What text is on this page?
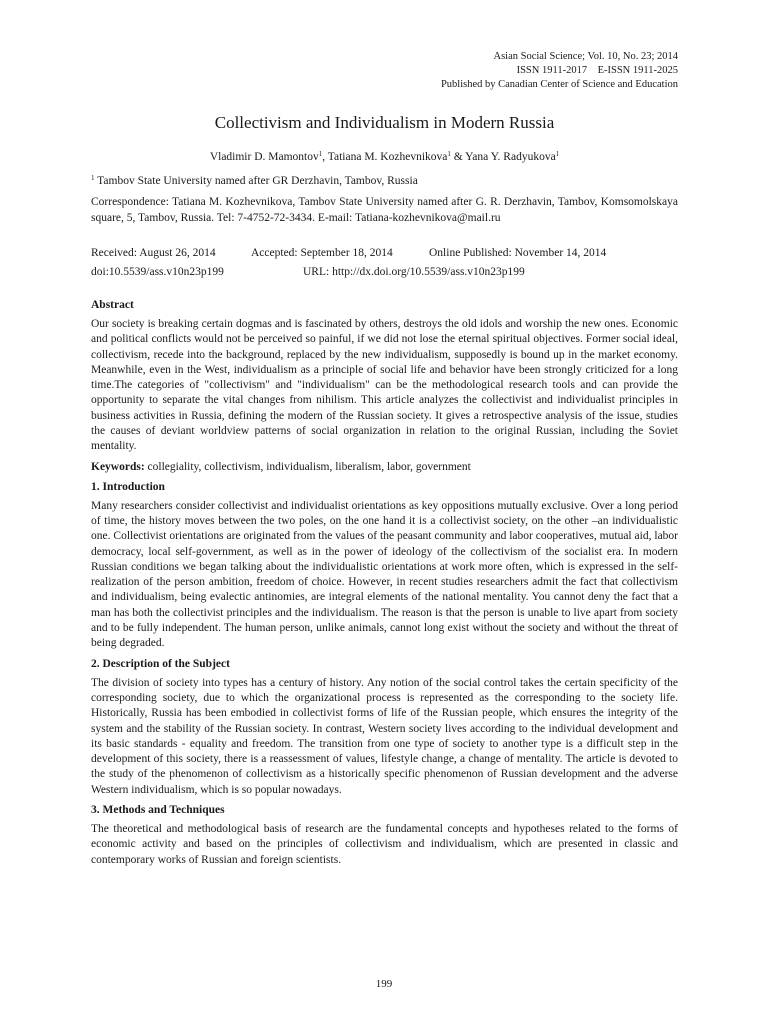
Asian Social Science; Vol. 10, No. 23; 2014
ISSN 1911-2017    E-ISSN 1911-2025
Published by Canadian Center of Science and Education
Collectivism and Individualism in Modern Russia
Vladimir D. Mamontov$^1$, Tatiana M. Kozhevnikova$^1$ & Yana Y. Radyukova$^1$
$^1$ Tambov State University named after GR Derzhavin, Tambov, Russia
Correspondence: Tatiana M. Kozhevnikova, Tambov State University named after G. R. Derzhavin, Tambov, Komsomolskaya square, 5, Tambov, Russia. Tel: 7-4752-72-3434. E-mail: Tatiana-kozhevnikova@mail.ru
Received: August 26, 2014	Accepted: September 18, 2014	Online Published: November 14, 2014
doi:10.5539/ass.v10n23p199	URL: http://dx.doi.org/10.5539/ass.v10n23p199
Abstract

Our society is breaking certain dogmas and is fascinated by others, destroys the old idols and worship the new ones. Economic and political conflicts would not be perceived so painful, if we did not lose the eternal spiritual objectives. Former social ideal, collectivism, recede into the background, replaced by the new individualism, supposedly is bound up in the market economy. Meanwhile, even in the West, individualism as a principle of social life and behavior have been strongly criticized for a long time.The categories of "collectivism" and "individualism" can be the methodological research tools and can provide the opportunity to separate the vital changes from nihilism. This article analyzes the collectivist and individualist principles in business activities in Russia, defining the modern of the Russian society. It gives a retrospective analysis of the issue, studies the causes of deviant worldview patterns of social organization in relation to the original Russian, including the Soviet mentality.

Keywords: collegiality, collectivism, individualism, liberalism, labor, government
1. Introduction

Many researchers consider collectivist and individualist orientations as key oppositions mutually exclusive. Over a long period of time, the history moves between the two poles, on the one hand it is a collectivist society, on the other –an individualistic one. Collectivist orientations are originated from the values of the peasant community and labor cooperatives, mutual aid, labor democracy, local self-government, as well as in the power of ideology of the collectivism of the socialist era. In modern Russian conditions we began talking about the individualistic orientations at work more often, which is expressed in the self-realization of the person ambition, freedom of choice. However, in recent studies researchers admit the fact that collectivism and individualism, being evalectic antinomies, are integral elements of the national mentality. You cannot deny the fact that a man has both the collectivist principles and the individualism. The reason is that the person is unable to live apart from society and to be fully independent. The human person, unlike animals, cannot long exist without the society and without the threat of being degraded.

2. Description of the Subject

The division of society into types has a century of history. Any notion of the social control takes the certain specificity of the corresponding society, due to which the organizational process is represented as the corresponding to the society life. Historically, Russia has been embodied in collectivist forms of life of the Russian people, which ensures the integrity of the system and the stability of the Russian society. In contrast, Western society lives according to the individual development and its basic standards - equality and freedom. The transition from one type of society to another type is a difficult step in the development of this society, there is a reassessment of values, lifestyle change, a change of mentality. The article is devoted to the study of the phenomenon of collectivism as a historically specific phenomenon of Russian development and the adverse Western individualism, which is so popular nowadays.

3. Methods and Techniques

The theoretical and methodological basis of research are the fundamental concepts and hypotheses related to the forms of economic activity and based on the principles of collectivism and individualism, which are presented in classic and contemporary works of Russian and foreign scientists.

199
